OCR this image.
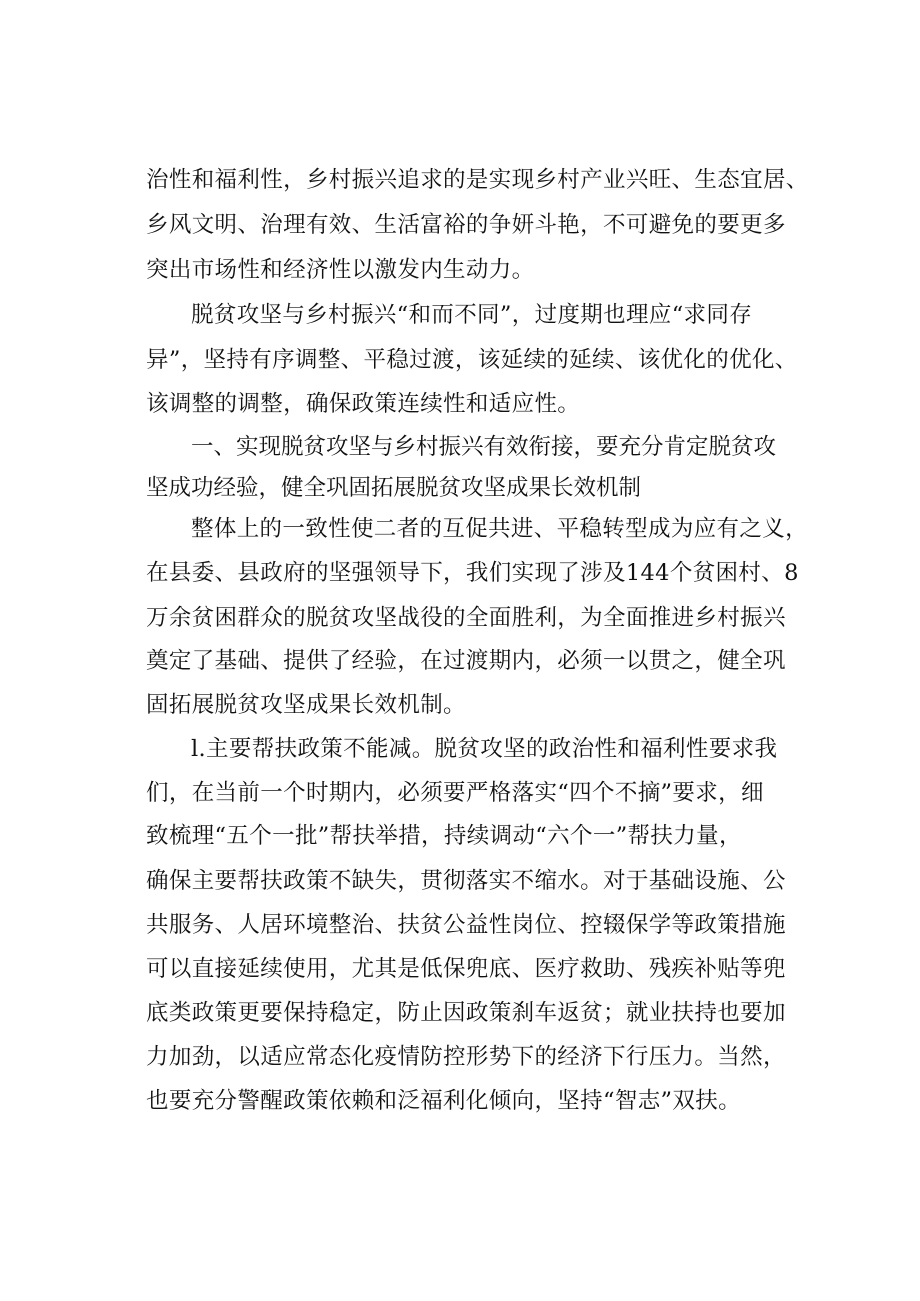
治性和福利性，乡村振兴追求的是实现乡村产业兴旺、生态宜居、
乡风文明、治理有效、生活富裕的争妍斗艳，不可避免的要更多
突出市场性和经济性以激发内生动力。
脱贫攻坚与乡村振兴“和而不同”，过度期也理应“求同存
异”，坚持有序调整、平稳过渡，该延续的延续、该优化的优化、
该调整的调整，确保政策连续性和适应性。
一、实现脱贫攻坚与乡村振兴有效衔接，要充分肯定脱贫攻
坚成功经验，健全巩固拓展脱贫攻坚成果长效机制
整体上的一致性使二者的互促共进、平稳转型成为应有之义，
在县委、县政府的坚强领导下，我们实现了涉及144个贫困村、8
万余贫困群众的脱贫攻坚战役的全面胜利，为全面推进乡村振兴
奠定了基础、提供了经验，在过渡期内，必须一以贯之，健全巩
固拓展脱贫攻坚成果长效机制。
l.主要帮扶政策不能减。脱贫攻坚的政治性和福利性要求我
们，在当前一个时期内，必须要严格落实“四个不摘”要求，细
致梳理“五个一批”帮扶举措，持续调动“六个一”帮扶力量，
确保主要帮扶政策不缺失，贯彻落实不缩水。对于基础设施、公
共服务、人居环境整治、扶贫公益性岗位、控辍保学等政策措施
可以直接延续使用，尤其是低保兜底、医疗救助、残疾补贴等兜
底类政策更要保持稳定，防止因政策刹车返贫；就业扶持也要加
力加劲，以适应常态化疫情防控形势下的经济下行压力。当然，
也要充分警醒政策依赖和泛福利化倾向，坚持“智志”双扶。
